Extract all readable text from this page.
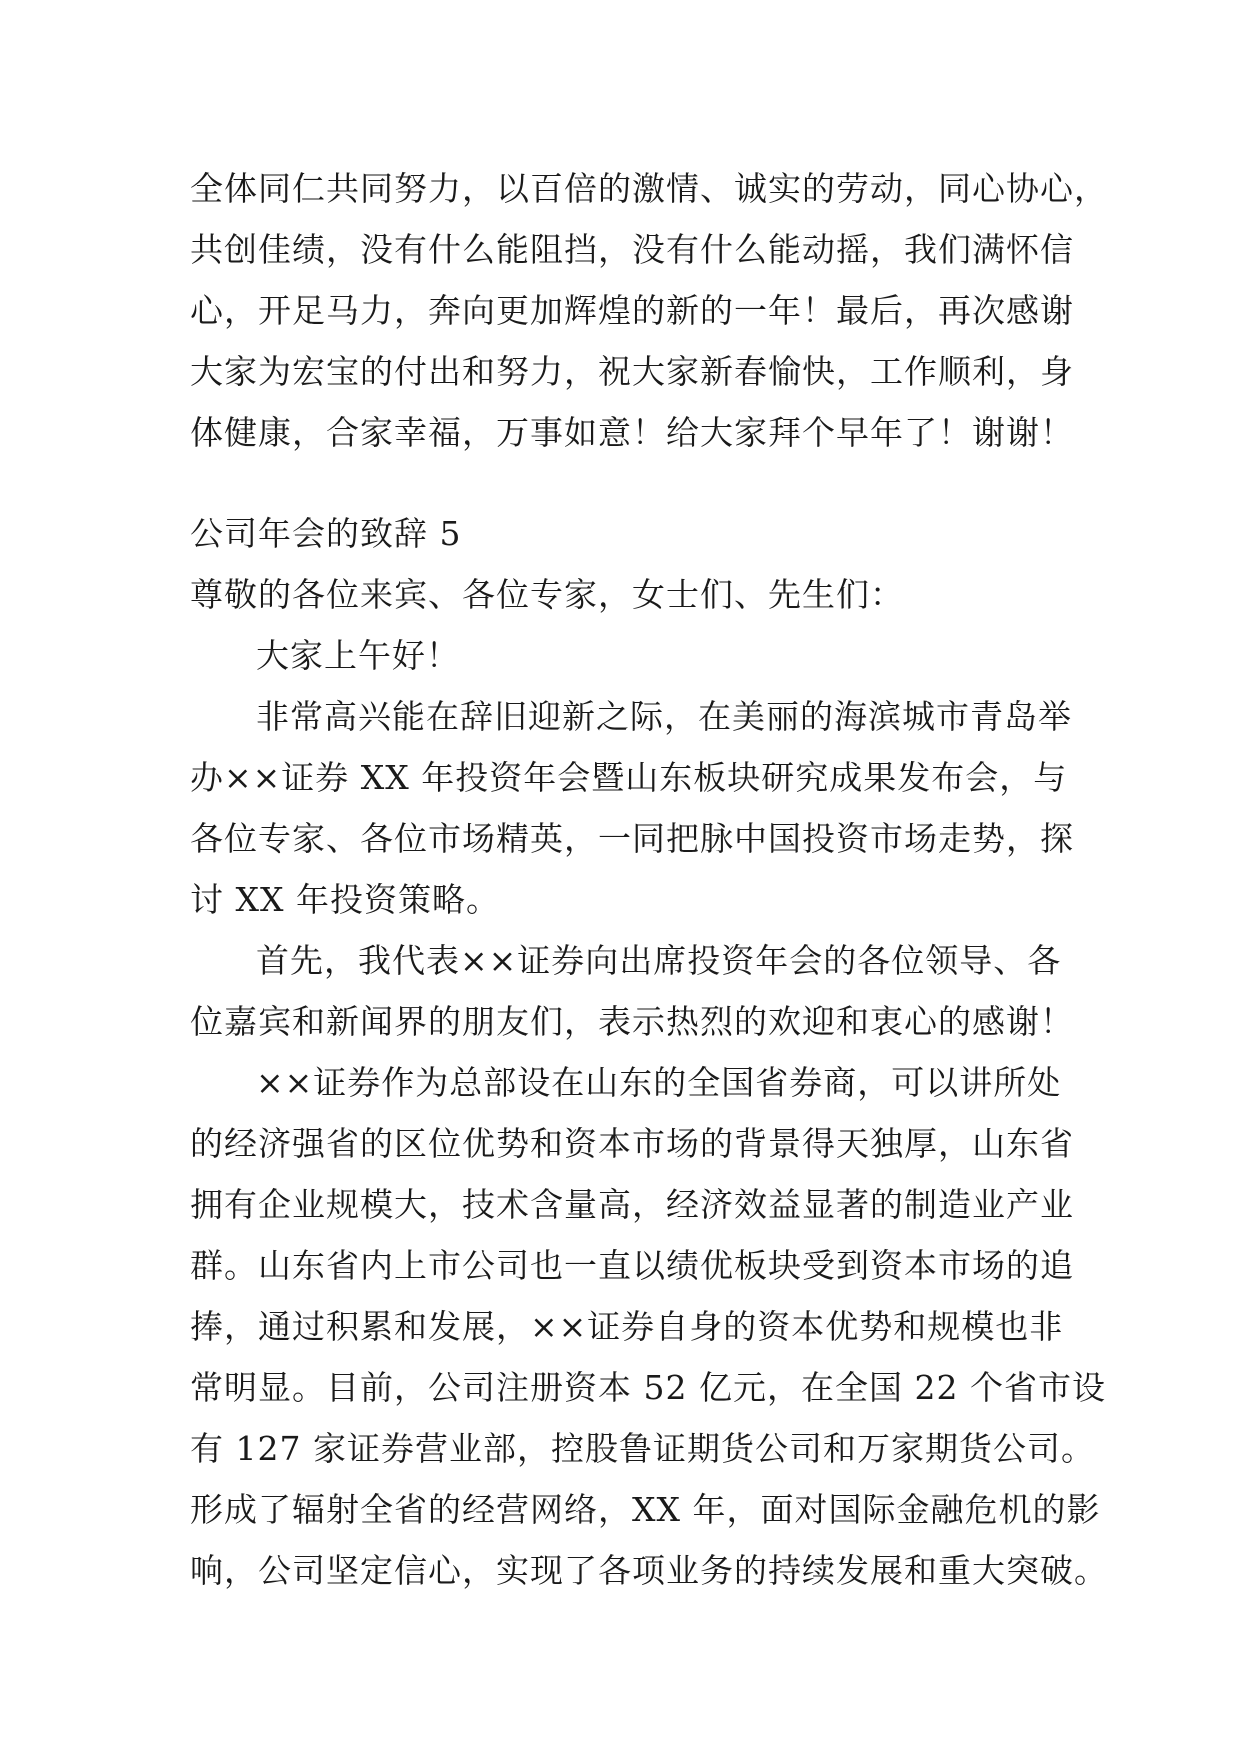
全体同仁共同努力，以百倍的激情、诚实的劳动，同心协心，
共创佳绩，没有什么能阻挡，没有什么能动摇，我们满怀信
心，开足马力，奔向更加辉煌的新的一年！最后，再次感谢
大家为宏宝的付出和努力，祝大家新春愉快，工作顺利，身
体健康，合家幸福，万事如意！给大家拜个早年了！谢谢！
公司年会的致辞 5
尊敬的各位来宾、各位专家，女士们、先生们：
大家上午好！
非常高兴能在辞旧迎新之际，在美丽的海滨城市青岛举
办××证券 XX 年投资年会暨山东板块研究成果发布会，与
各位专家、各位市场精英，一同把脉中国投资市场走势，探
讨 XX 年投资策略。
首先，我代表××证券向出席投资年会的各位领导、各
位嘉宾和新闻界的朋友们，表示热烈的欢迎和衷心的感谢！
××证券作为总部设在山东的全国省券商，可以讲所处
的经济强省的区位优势和资本市场的背景得天独厚，山东省
拥有企业规模大，技术含量高，经济效益显著的制造业产业
群。山东省内上市公司也一直以绩优板块受到资本市场的追
捧，通过积累和发展，××证券自身的资本优势和规模也非
常明显。目前，公司注册资本 52 亿元，在全国 22 个省市设
有 127 家证券营业部，控股鲁证期货公司和万家期货公司。
形成了辐射全省的经营网络，XX 年，面对国际金融危机的影
响，公司坚定信心，实现了各项业务的持续发展和重大突破。
